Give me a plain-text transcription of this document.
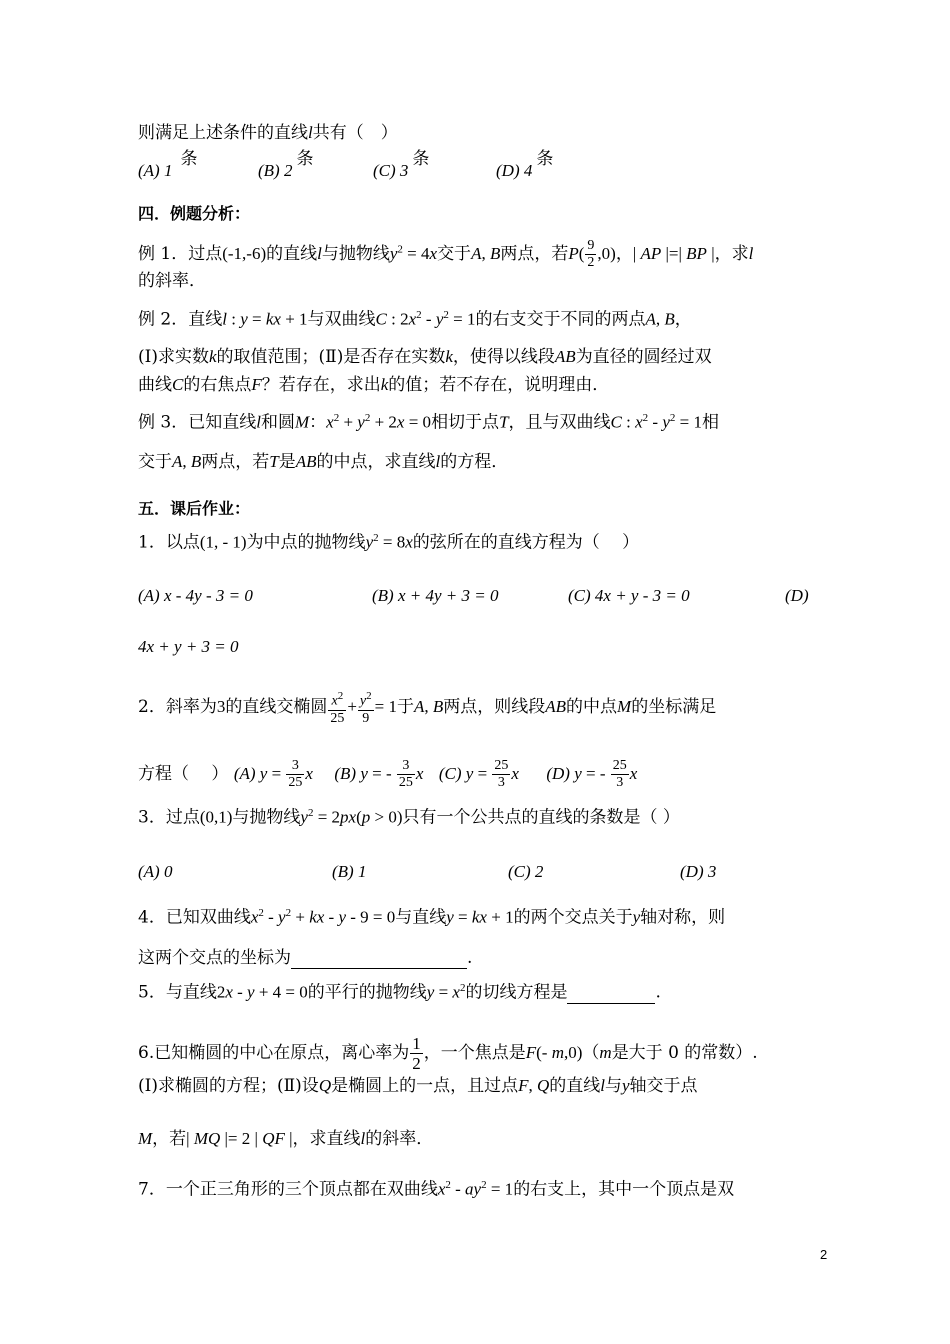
则满足上述条件的直线l共有（　）
(A) 1条
(B) 2条
(C) 3条
(D) 4条
四．例题分析：
例 1．过点(-1,-6)的直线l与抛物线$y^2 = 4x$交于A, B两点，若$P( \frac{9}{2} ,0)$，| AP |=| BP |，求l
的斜率．
例 2．直线l : y = kx + 1与双曲线C : $2x^2 - y^2 = 1$的右支交于不同的两点A, B，
(Ⅰ)求实数k的取值范围；(Ⅱ)是否存在实数k，使得以线段AB为直径的圆经过双
曲线C的右焦点F？若存在，求出k的值；若不存在，说明理由．
例 3．已知直线l和圆M：$x^2 + y^2 + 2x = 0$相切于点T，且与双曲线C : $x^2 - y^2 = 1$相
交于A, B两点，若T是AB的中点，求直线l的方程．
五．课后作业：
1．以点(1, - 1)为中点的抛物线$y^2 = 8x$的弦所在的直线方程为（　 ）
(A) x - 4y - 3 = 0	(B) x + 4y + 3 = 0	(C) 4x + y - 3 = 0	(D)
4x + y + 3 = 0
2．斜率为3的直线交椭圆 $\frac{x^2}{25} + \frac{y^2}{9} = 1$于A, B两点，则线段AB的中点M的坐标满足
方程（　 ） (A) $y = \frac{3}{25}$ x (B) y = - $\frac{3}{25}$ x (C) $y = \frac{25}{3}$ x (D) y = - $\frac{25}{3}$ x
3．过点(0,1)与抛物线$y^2 = 2px(p > 0)$只有一个公共点的直线的条数是（ ）
(A) 0	(B) 1	(C) 2	(D) 3
4．已知双曲线$x^2 - y^2$ + kx - y - 9 = 0与直线y = kx + 1的两个交点关于y轴对称，则
这两个交点的坐标为	.
5．与直线2x - y + 4 = 0的平行的抛物线$y = x^2$的切线方程是	.
6.已知椭圆的中心在原点，离心率为 $\frac{1}{2}$ ，一个焦点是F(- m,0)（m是大于 0 的常数）.
(Ⅰ)求椭圆的方程；(Ⅱ)设Q是椭圆上的一点，且过点F, Q的直线l与y轴交于点
M，若| MQ |= 2 | QF |，求直线l的斜率．
7．一个正三角形的三个顶点都在双曲线$x^2 - ay^2 = 1$的右支上，其中一个顶点是双
2
